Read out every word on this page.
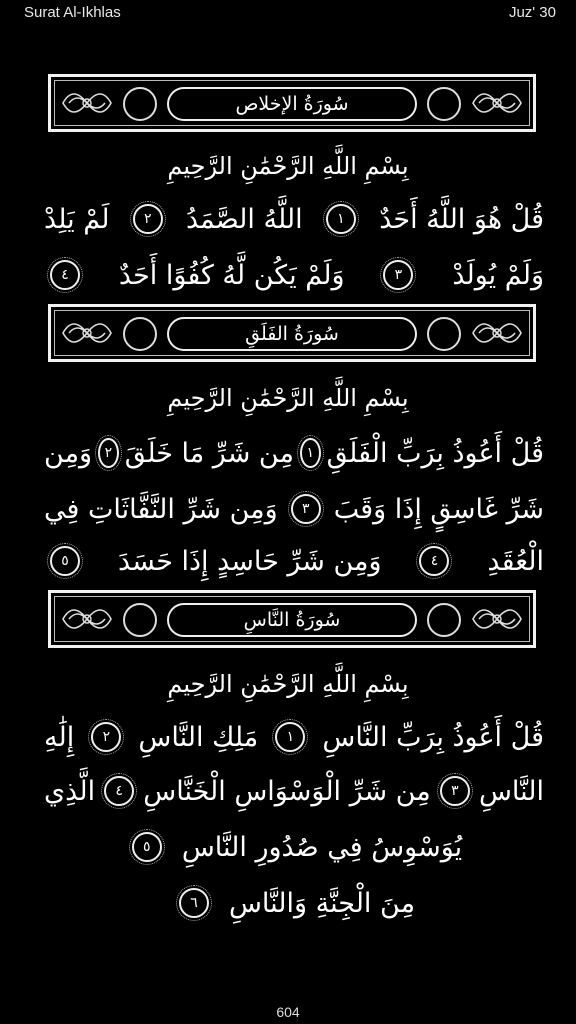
Surat Al-Ikhlas	Juz' 30
سُورَةُ الإخلاص
بِسْمِ اللَّهِ الرَّحْمَٰنِ الرَّحِيمِ
قُلْ هُوَ اللَّهُ أَحَدٌ
١
اللَّهُ الصَّمَدُ
٢
لَمْ يَلِدْ
وَلَمْ يُولَدْ
٣
وَلَمْ يَكُن لَّهُ كُفُوًا أَحَدٌ
٤
سُورَةُ الفَلَقِ
بِسْمِ اللَّهِ الرَّحْمَٰنِ الرَّحِيمِ
قُلْ أَعُوذُ بِرَبِّ الْفَلَقِ
١
مِن شَرِّ مَا خَلَقَ
٢
وَمِن
شَرِّ غَاسِقٍ إِذَا وَقَبَ
٣
وَمِن شَرِّ النَّفَّاثَاتِ فِي
الْعُقَدِ
٤
وَمِن شَرِّ حَاسِدٍ إِذَا حَسَدَ
٥
سُورَةُ النَّاسِ
بِسْمِ اللَّهِ الرَّحْمَٰنِ الرَّحِيمِ
قُلْ أَعُوذُ بِرَبِّ النَّاسِ
١
مَلِكِ النَّاسِ
٢
إِلَٰهِ
النَّاسِ
٣
مِن شَرِّ الْوَسْوَاسِ الْخَنَّاسِ
٤
الَّذِي
يُوَسْوِسُ فِي صُدُورِ النَّاسِ
٥
مِنَ الْجِنَّةِ وَالنَّاسِ
٦
604
